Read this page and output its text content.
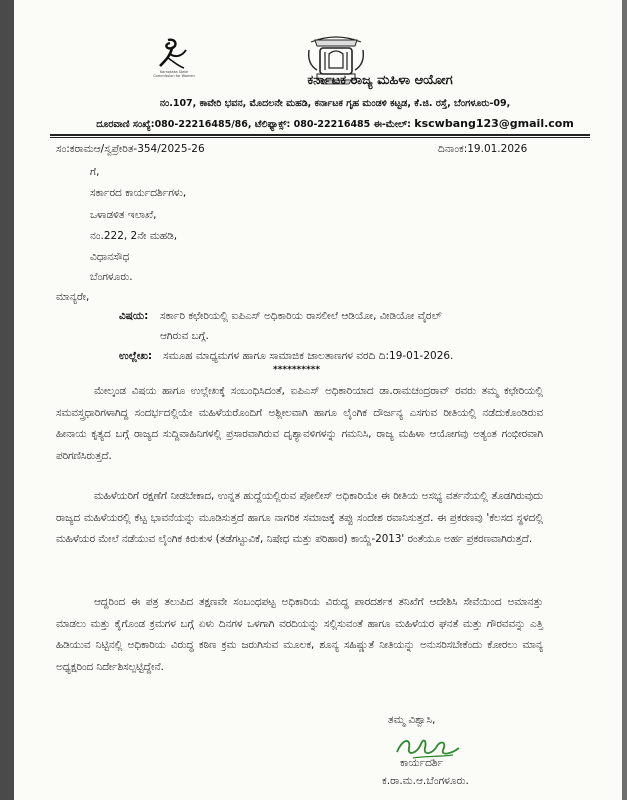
Karnataka State Commission for Women	ಕರ್ನಾಟಕ ರಾಜ್ಯ ಮಹಿಳಾ ಆಯೋಗ
ನಂ.107, ಕಾವೇರಿ ಭವನ, ಮೊದಲನೇ ಮಹಡಿ, ಕರ್ನಾಟಕ ಗೃಹ ಮಂಡಳಿ ಕಟ್ಟಡ, ಕೆ.ಜಿ. ರಸ್ತೆ, ಬೆಂಗಳೂರು-09,
ದೂರವಾಣಿ ಸಂಖ್ಯೆ:080-22216485/86, ಟೆಲಿಫ್ಯಾಕ್ಸ್: 080-22216485 ಈ-ಮೇಲ್: kscwbang123@gmail.com
ಸಂ:ಕರಾಮಆ/ಸ್ವಪ್ರೇರಿತ-354/2025-26	ದಿನಾಂಕ:19.01.2026
ಗೆ,
ಸರ್ಕಾರದ ಕಾರ್ಯದರ್ಶಿಗಳು,
ಒಳಾಡಳಿತ ಇಲಾಖೆ,
ನಂ.222, 2ನೇ ಮಹಡಿ,
ವಿಧಾನಸೌಧ
ಬೆಂಗಳೂರು.
ಮಾನ್ಯರೇ,
ವಿಷಯ: ಸರ್ಕಾರಿ ಕಛೇರಿಯಲ್ಲಿ ಐಪಿಎಸ್ ಅಧಿಕಾರಿಯ ರಾಸಲೀಲೆ ಆಡಿಯೋ, ವೀಡಿಯೋ ವೈರಲ್
ಆಗಿರುವ ಬಗ್ಗೆ.
ಉಲ್ಲೇಖ: ಸಮೂಹ ಮಾಧ್ಯಮಗಳ ಹಾಗೂ ಸಾಮಾಜಿಕ ಜಾಲತಾಣಗಳ ವರದಿ ದಿ:19-01-2026.
**********
ಮೇಲ್ಕಂಡ ವಿಷಯ ಹಾಗೂ ಉಲ್ಲೇಖಕ್ಕೆ ಸಂಬಂಧಿಸಿದಂತೆ, ಐಪಿಎಸ್ ಅಧಿಕಾರಿಯಾದ ಡಾ.ರಾಮಚಂದ್ರರಾವ್ ರವರು ತಮ್ಮ ಕಛೇರಿಯಲ್ಲಿ ಸಮವಸ್ತ್ರಧಾರಿಗಳಾಗಿದ್ದ ಸಂದರ್ಭದಲ್ಲಿಯೇ ಮಹಿಳೆಯರೊಂದಿಗೆ ಅಶ್ಲೀಲವಾಗಿ ಹಾಗೂ ಲೈಂಗಿಕ ದೌರ್ಜನ್ಯ ಎಸಗುವ ರೀತಿಯಲ್ಲಿ ನಡೆದುಕೊಂಡಿರುವ ಹೀನಾಯ ಕೃತ್ಯದ ಬಗ್ಗೆ ರಾಜ್ಯದ ಸುದ್ದಿವಾಹಿನಿಗಳಲ್ಲಿ ಪ್ರಸಾರವಾಗಿರುವ ದೃಶ್ಯಾವಳಿಗಳನ್ನು ಗಮನಿಸಿ, ರಾಜ್ಯ ಮಹಿಳಾ ಆಯೋಗವು ಅತ್ಯಂತ ಗಂಭೀರವಾಗಿ ಪರಿಗಣಿಸಿರುತ್ತದೆ.
ಮಹಿಳೆಯರಿಗೆ ರಕ್ಷಣೆಗೆ ನೀಡಬೇಕಾದ, ಉನ್ನತ ಹುದ್ದೆಯಲ್ಲಿರುವ ಪೋಲೀಸ್ ಅಧಿಕಾರಿಯೇ ಈ ರೀತಿಯ ಅಸಭ್ಯ ವರ್ತನೆಯಲ್ಲಿ ತೊಡಗಿರುವುದು ರಾಜ್ಯದ ಮಹಿಳೆಯರಲ್ಲಿ ಕೆಟ್ಟ ಭಾವನೆಯನ್ನು ಮೂಡಿಸುತ್ತದೆ ಹಾಗೂ ನಾಗರಿಕ ಸಮಾಜಕ್ಕೆ ತಪ್ಪು ಸಂದೇಶ ರವಾನಿಸುತ್ತದೆ. ಈ ಪ್ರಕರಣವು 'ಕೆಲಸದ ಸ್ಥಳದಲ್ಲಿ ಮಹಿಳೆಯರ ಮೇಲೆ ನಡೆಯುವ ಲೈಂಗಿಕ ಕಿರುಕುಳ (ತಡೆಗಟ್ಟುವಿಕೆ, ನಿಷೇಧ ಮತ್ತು ಪರಿಹಾರ) ಕಾಯ್ದೆ-2013' ರಂತೆಯೂ ಅರ್ಹ ಪ್ರಕರಣವಾಗಿರುತ್ತದೆ.
ಆದ್ದರಿಂದ ಈ ಪತ್ರ ತಲುಪಿದ ತಕ್ಷಣವೇ ಸಂಬಂಧಪಟ್ಟ ಅಧಿಕಾರಿಯ ವಿರುದ್ಧ ಪಾರದರ್ಶಕ ತನಿಖೆಗೆ ಆದೇಶಿಸಿ ಸೇವೆಯಿಂದ ಅಮಾನತ್ತು ಮಾಡಲು ಮತ್ತು ಕೈಗೊಂಡ ಕ್ರಮಗಳ ಬಗ್ಗೆ ಏಳು ದಿನಗಳ ಒಳಗಾಗಿ ವರದಿಯನ್ನು ಸಲ್ಲಿಸುವಂತೆ ಹಾಗೂ ಮಹಿಳೆಯರ ಘನತೆ ಮತ್ತು ಗೌರವವನ್ನು ಎತ್ತಿ ಹಿಡಿಯುವ ನಿಟ್ಟಿನಲ್ಲಿ ಅಧಿಕಾರಿಯ ವಿರುದ್ಧ ಕಠಿಣ ಕ್ರಮ ಜರುಗಿಸುವ ಮೂಲಕ, ಶೂನ್ಯ ಸಹಿಷ್ಣುತೆ ನೀತಿಯನ್ನು ಅನುಸರಿಸಬೇಕೆಂದು ಕೋರಲು ಮಾನ್ಯ ಅಧ್ಯಕ್ಷರಿಂದ ನಿರ್ದೇಶಿಸಲ್ಪಟ್ಟಿದ್ದೇನೆ.
ತಮ್ಮ ವಿಶ್ವಾಸಿ,
ಕಾರ್ಯದರ್ಶಿ
ಕ.ರಾ.ಮ.ಆ.ಬೆಂಗಳೂರು.
